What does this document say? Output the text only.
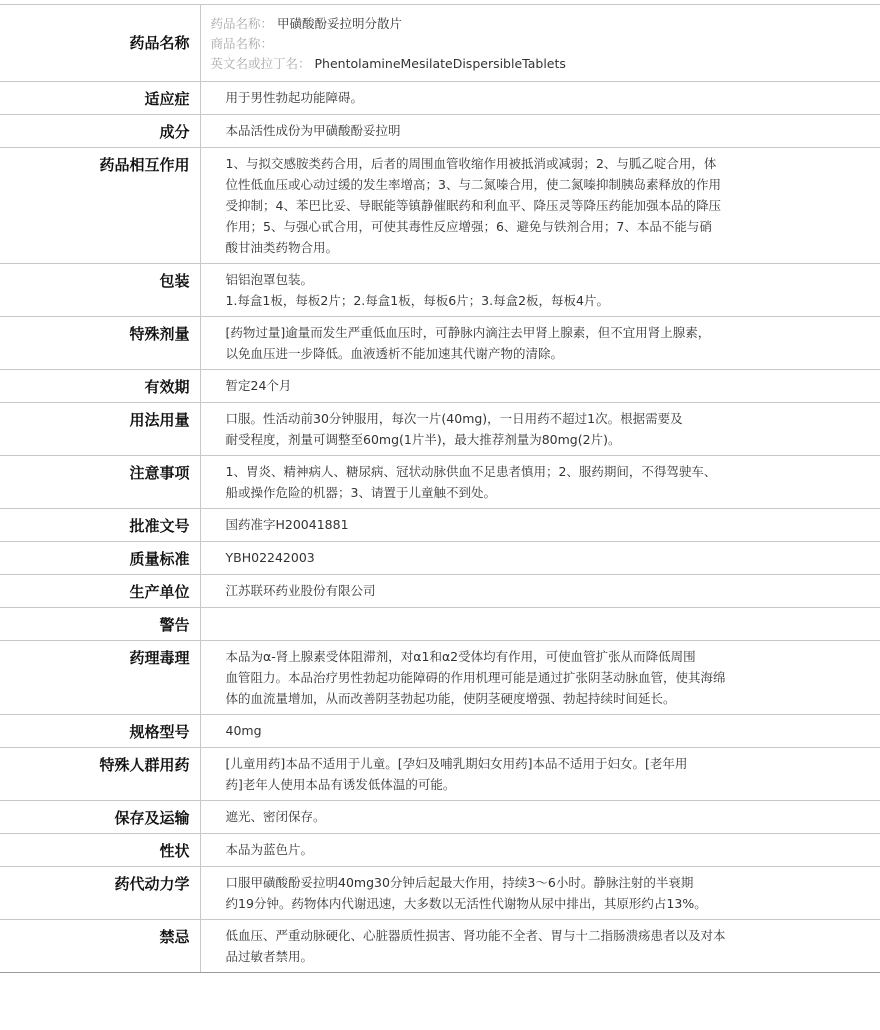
药品名称	药品名称： 甲磺酸酚妥拉明分散片
商品名称：
英文名或拉丁名： PhentolamineMesilateDispersibleTablets

适应症	用于男性勃起功能障碍。

成分	本品活性成份为甲磺酸酚妥拉明

药品相互作用	1、与拟交感胺类药合用，后者的周围血管收缩作用被抵消或减弱；2、与胍乙啶合用，体
位性低血压或心动过缓的发生率增高；3、与二氮嗪合用，使二氮嗪抑制胰岛素释放的作用
受抑制；4、苯巴比妥、导眠能等镇静催眠药和利血平、降压灵等降压药能加强本品的降压
作用；5、与强心甙合用，可使其毒性反应增强；6、避免与铁剂合用；7、本品不能与硝
酸甘油类药物合用。

包装	铝铝泡罩包装。
1.每盒1板，每板2片；2.每盒1板，每板6片；3.每盒2板，每板4片。

特殊剂量	[药物过量]逾量而发生严重低血压时，可静脉内滴注去甲肾上腺素，但不宜用肾上腺素，
以免血压进一步降低。血液透析不能加速其代谢产物的清除。

有效期	暂定24个月

用法用量	口服。性活动前30分钟服用，每次一片(40mg)，一日用药不超过1次。根据需要及
耐受程度，剂量可调整至60mg(1片半)，最大推荐剂量为80mg(2片)。

注意事项	1、胃炎、精神病人、糖尿病、冠状动脉供血不足患者慎用；2、服药期间，不得驾驶车、
船或操作危险的机器；3、请置于儿童触不到处。

批准文号	国药准字H20041881

质量标准	YBH02242003

生产单位	江苏联环药业股份有限公司

警告	

药理毒理	本品为α-肾上腺素受体阻滞剂，对α1和α2受体均有作用，可使血管扩张从而降低周围
血管阻力。本品治疗男性勃起功能障碍的作用机理可能是通过扩张阴茎动脉血管，使其海绵
体的血流量增加，从而改善阴茎勃起功能，使阴茎硬度增强、勃起持续时间延长。

规格型号	40mg

特殊人群用药	[儿童用药]本品不适用于儿童。[孕妇及哺乳期妇女用药]本品不适用于妇女。[老年用
药]老年人使用本品有诱发低体温的可能。

保存及运输	遮光、密闭保存。

性状	本品为蓝色片。

药代动力学	口服甲磺酸酚妥拉明40mg30分钟后起最大作用，持续3～6小时。静脉注射的半衰期
约19分钟。药物体内代谢迅速，大多数以无活性代谢物从尿中排出，其原形约占13%。

禁忌	低血压、严重动脉硬化、心脏器质性损害、肾功能不全者、胃与十二指肠溃疡患者以及对本
品过敏者禁用。
